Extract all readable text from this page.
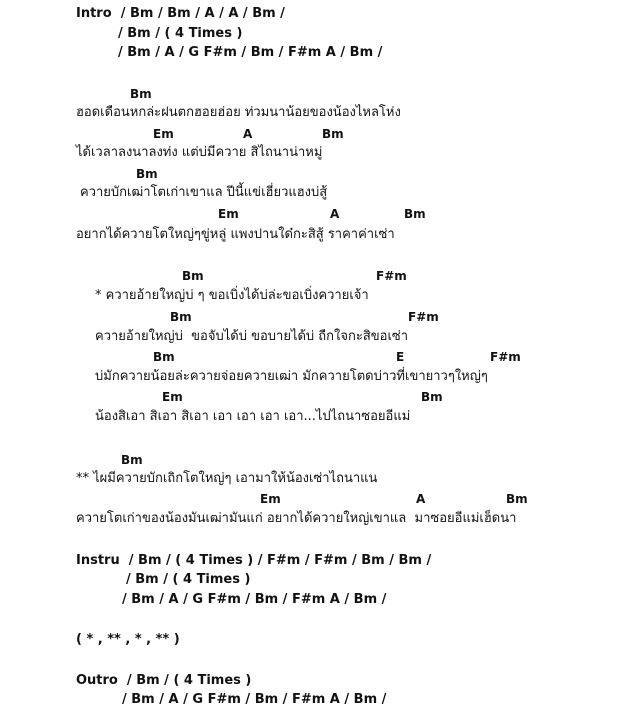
Intro  / Bm / Bm / A / A / Bm /

/ Bm / ( 4 Times )

/ Bm / A / G F#m / Bm / F#m A / Bm /

Bm

ฮอดเดือนหกล่ะฝนตกฮอยฮ่อย ท่วมนาน้อยของน้องไหลโห่ง

Em	A	Bm

ได้เวลาลงนาลงท่ง แต่บ่มีควาย สิไถนาน่าหมู่

Bm

ควายบักเฒ่าโตเก่าเขาแล ปีนี้แข่เฮี่ยวแฮงบ่สู้

Em	A	Bm

อยากได้ควายโตใหญ่ๆขู่หลู่ แพงปานใด๋กะสิสู้ ราคาค่าเซ่า

Bm	F#m

* ควายอ้ายใหญ่บ่ ๆ ขอเบิ่งได้บ่ล่ะขอเบิ่งควายเจ้า

Bm	F#m

ควายอ้ายใหญ่บ่  ขอจับได้บ่ ขอบายได้บ่ ถืกใจกะสิขอเซ่า

Bm	E	F#m

บ่มักควายน้อยล่ะควายจ่อยควายเฒ่า มักควายโตดบ่าวที่เขายาวๆใหญ่ๆ

Em	Bm

น้องสิเอา สิเอา สิเอา เอา เอา เอา เอา...ไปไถนาซอยอีแม่

Bm

** ไผมีควายบักเถิกโตใหญ่ๆ เอามาให้น้องเซ่าไถนาแน

Em	A	Bm

ควายโตเก่าของน้องมันเฒ่ามันแก่ อยากได้ควายใหญ่เขาแล  มาซอยอีแม่เฮ็ดนา

Instru  / Bm / ( 4 Times ) / F#m / F#m / Bm / Bm /

/ Bm / ( 4 Times )

/ Bm / A / G F#m / Bm / F#m A / Bm /

( * , ** , * , ** )

Outro  / Bm / ( 4 Times )

/ Bm / A / G F#m / Bm / F#m A / Bm /
